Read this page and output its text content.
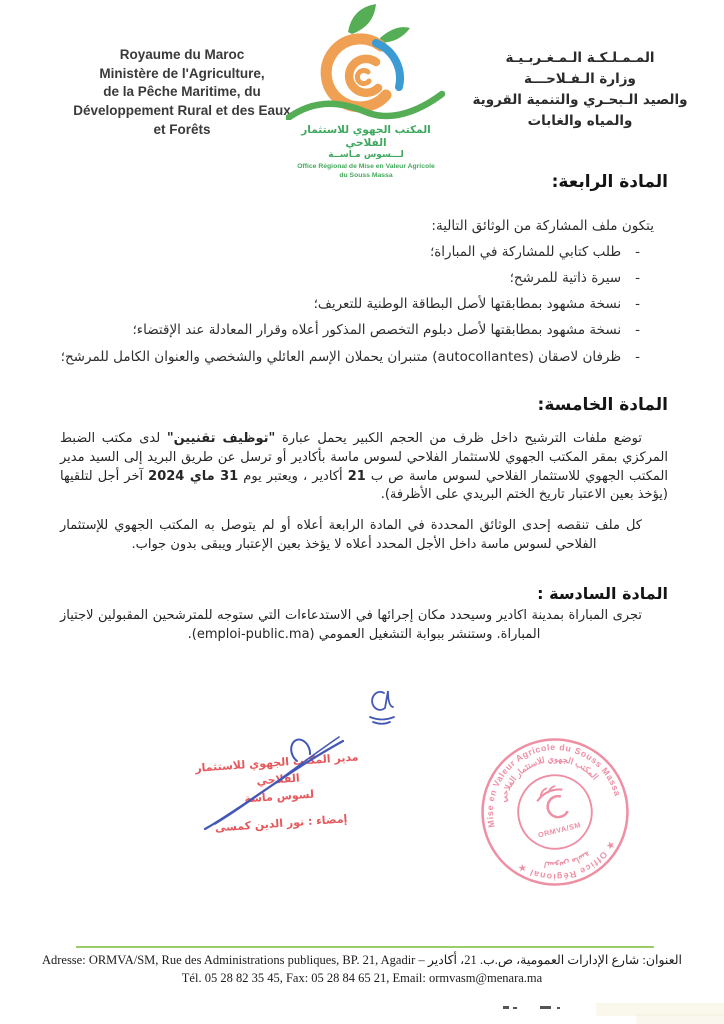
Royaume du Maroc
Ministère de l'Agriculture,
de la Pêche Maritime, du
Développement Rural et des Eaux
et Forêts	المكتب الجهوي للاستثمار الفلاحي
لـــسوس مـاســة
Office Régional de Mise en Valeur Agricole
du Souss Massa
المـمـلـكـة الـمـغـربـيـة
وزارة الـفـلاحـــة
والصيد الـبحـري والتنمية القروية
والمياه والغابات
المادة الرابعة:
يتكون ملف المشاركة من الوثائق التالية:
-طلب كتابي للمشاركة في المباراة؛
-سيرة ذاتية للمرشح؛
-نسخة مشهود بمطابقتها لأصل البطاقة الوطنية للتعريف؛
-نسخة مشهود بمطابقتها لأصل دبلوم التخصص المذكور أعلاه وقرار المعادلة عند الإقتضاء؛
-ظرفان لاصقان (autocollantes) متنبران يحملان الإسم العائلي والشخصي والعنوان الكامل للمرشح؛
المادة الخامسة:
توضع ملفات الترشيح داخل ظرف من الحجم الكبير يحمل عبارة "توظيف تقنيين" لدى مكتب الضبط المركزي بمقر المكتب الجهوي للاستثمار الفلاحي لسوس ماسة بأكادير أو ترسل عن طريق البريد إلى السيد مدير المكتب الجهوي للاستثمار الفلاحي لسوس ماسة ص ب 21 أكادير ، ويعتبر يوم 31 ماي 2024 آخر أجل لتلقيها (يؤخذ بعين الاعتبار تاريخ الختم البريدي على الأظرفة).
كل ملف تنقصه إحدى الوثائق المحددة في المادة الرابعة أعلاه أو لم يتوصل به المكتب الجهوي للإستثمار الفلاحي لسوس ماسة داخل الأجل المحدد أعلاه لا يؤخذ بعين الإعتبار ويبقى بدون جواب.
المادة السادسة :
تجرى المباراة بمدينة اكادير وسيحدد مكان إجرائها في الاستدعاءات التي ستوجه للمترشحين المقبولين لاجتياز المباراة. وستنشر ببوابة التشغيل العمومي (emploi-public.ma).
مدير المكتب الجهوي للاستثمار الفلاحي
لسوس ماسة
إمضاء : نور الدين كمسى	Mise en Valeur Agricole du Souss Massa
★ Office Régional ★
المكتب الجهوي للاستثمار الفلاحي
لسوس ماسة
ORMVA/SM
Adresse: ORMVA/SM, Rue des Administrations publiques, BP. 21, Agadir – العنوان: شارع الإدارات العمومية، ص.ب. 21، أكادير
Tél. 05 28 82 35 45, Fax: 05 28 84 65 21, Email: ormvasm@menara.ma
